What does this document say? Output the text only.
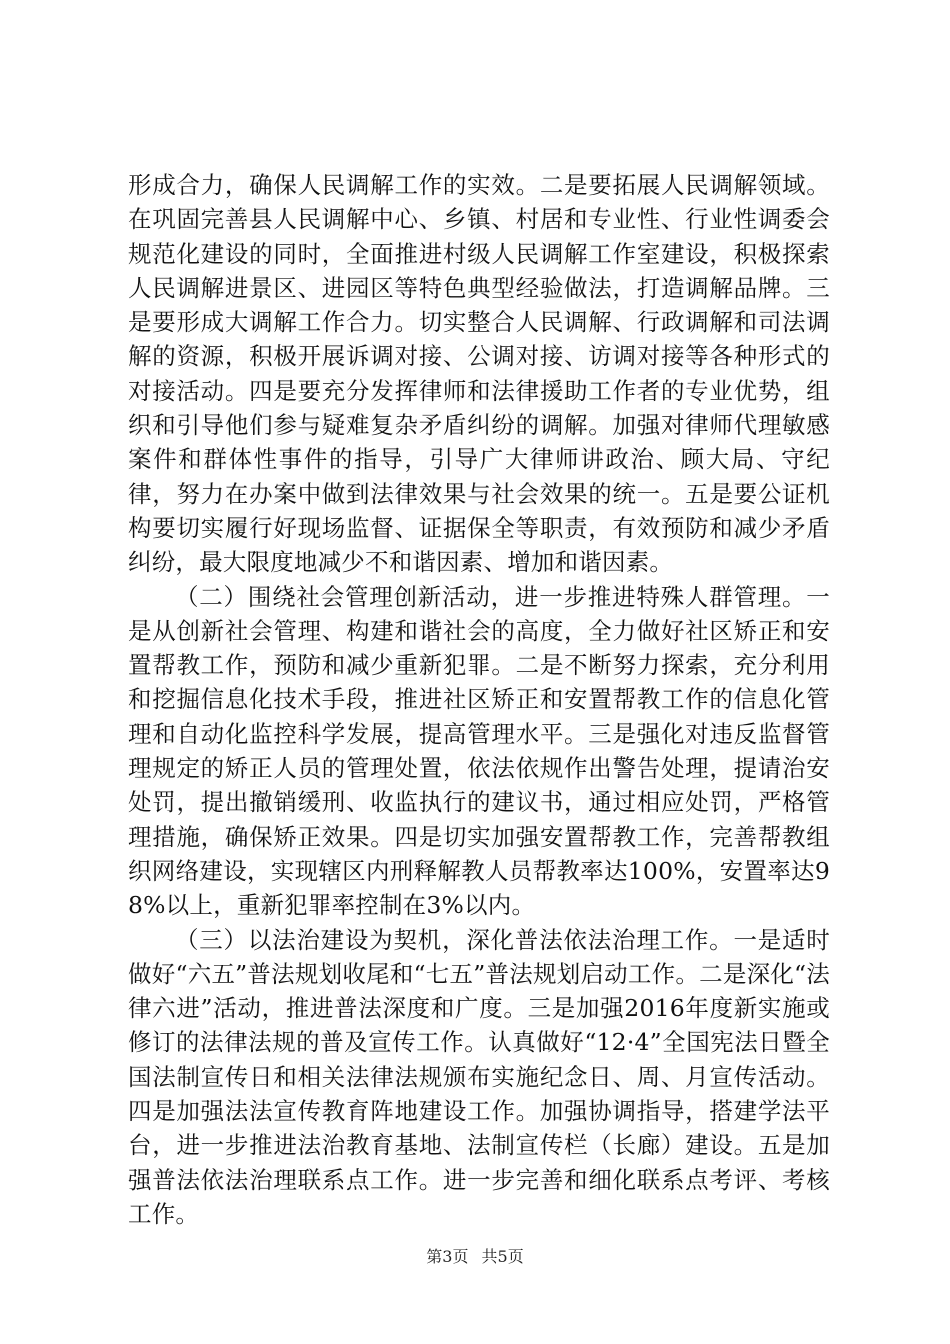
形成合力，确保人民调解工作的实效。二是要拓展人民调解领域。在巩固完善县人民调解中心、乡镇、村居和专业性、行业性调委会规范化建设的同时，全面推进村级人民调解工作室建设，积极探索人民调解进景区、进园区等特色典型经验做法，打造调解品牌。三是要形成大调解工作合力。切实整合人民调解、行政调解和司法调解的资源，积极开展诉调对接、公调对接、访调对接等各种形式的对接活动。四是要充分发挥律师和法律援助工作者的专业优势，组织和引导他们参与疑难复杂矛盾纠纷的调解。加强对律师代理敏感案件和群体性事件的指导，引导广大律师讲政治、顾大局、守纪律，努力在办案中做到法律效果与社会效果的统一。五是要公证机构要切实履行好现场监督、证据保全等职责，有效预防和减少矛盾纠纷，最大限度地减少不和谐因素、增加和谐因素。

（二）围绕社会管理创新活动，进一步推进特殊人群管理。一是从创新社会管理、构建和谐社会的高度，全力做好社区矫正和安置帮教工作，预防和减少重新犯罪。二是不断努力探索，充分利用和挖掘信息化技术手段，推进社区矫正和安置帮教工作的信息化管理和自动化监控科学发展，提高管理水平。三是强化对违反监督管理规定的矫正人员的管理处置，依法依规作出警告处理，提请治安处罚，提出撤销缓刑、收监执行的建议书，通过相应处罚，严格管理措施，确保矫正效果。四是切实加强安置帮教工作，完善帮教组织网络建设，实现辖区内刑释解教人员帮教率达100%，安置率达98%以上，重新犯罪率控制在3%以内。

（三）以法治建设为契机，深化普法依法治理工作。一是适时做好“六五”普法规划收尾和“七五”普法规划启动工作。二是深化“法律六进”活动，推进普法深度和广度。三是加强2016年度新实施或修订的法律法规的普及宣传工作。认真做好“12·4”全国宪法日暨全国法制宣传日和相关法律法规颁布实施纪念日、周、月宣传活动。四是加强法法宣传教育阵地建设工作。加强协调指导，搭建学法平台，进一步推进法治教育基地、法制宣传栏（长廊）建设。五是加强普法依法治理联系点工作。进一步完善和细化联系点考评、考核工作。

第3页 共5页
